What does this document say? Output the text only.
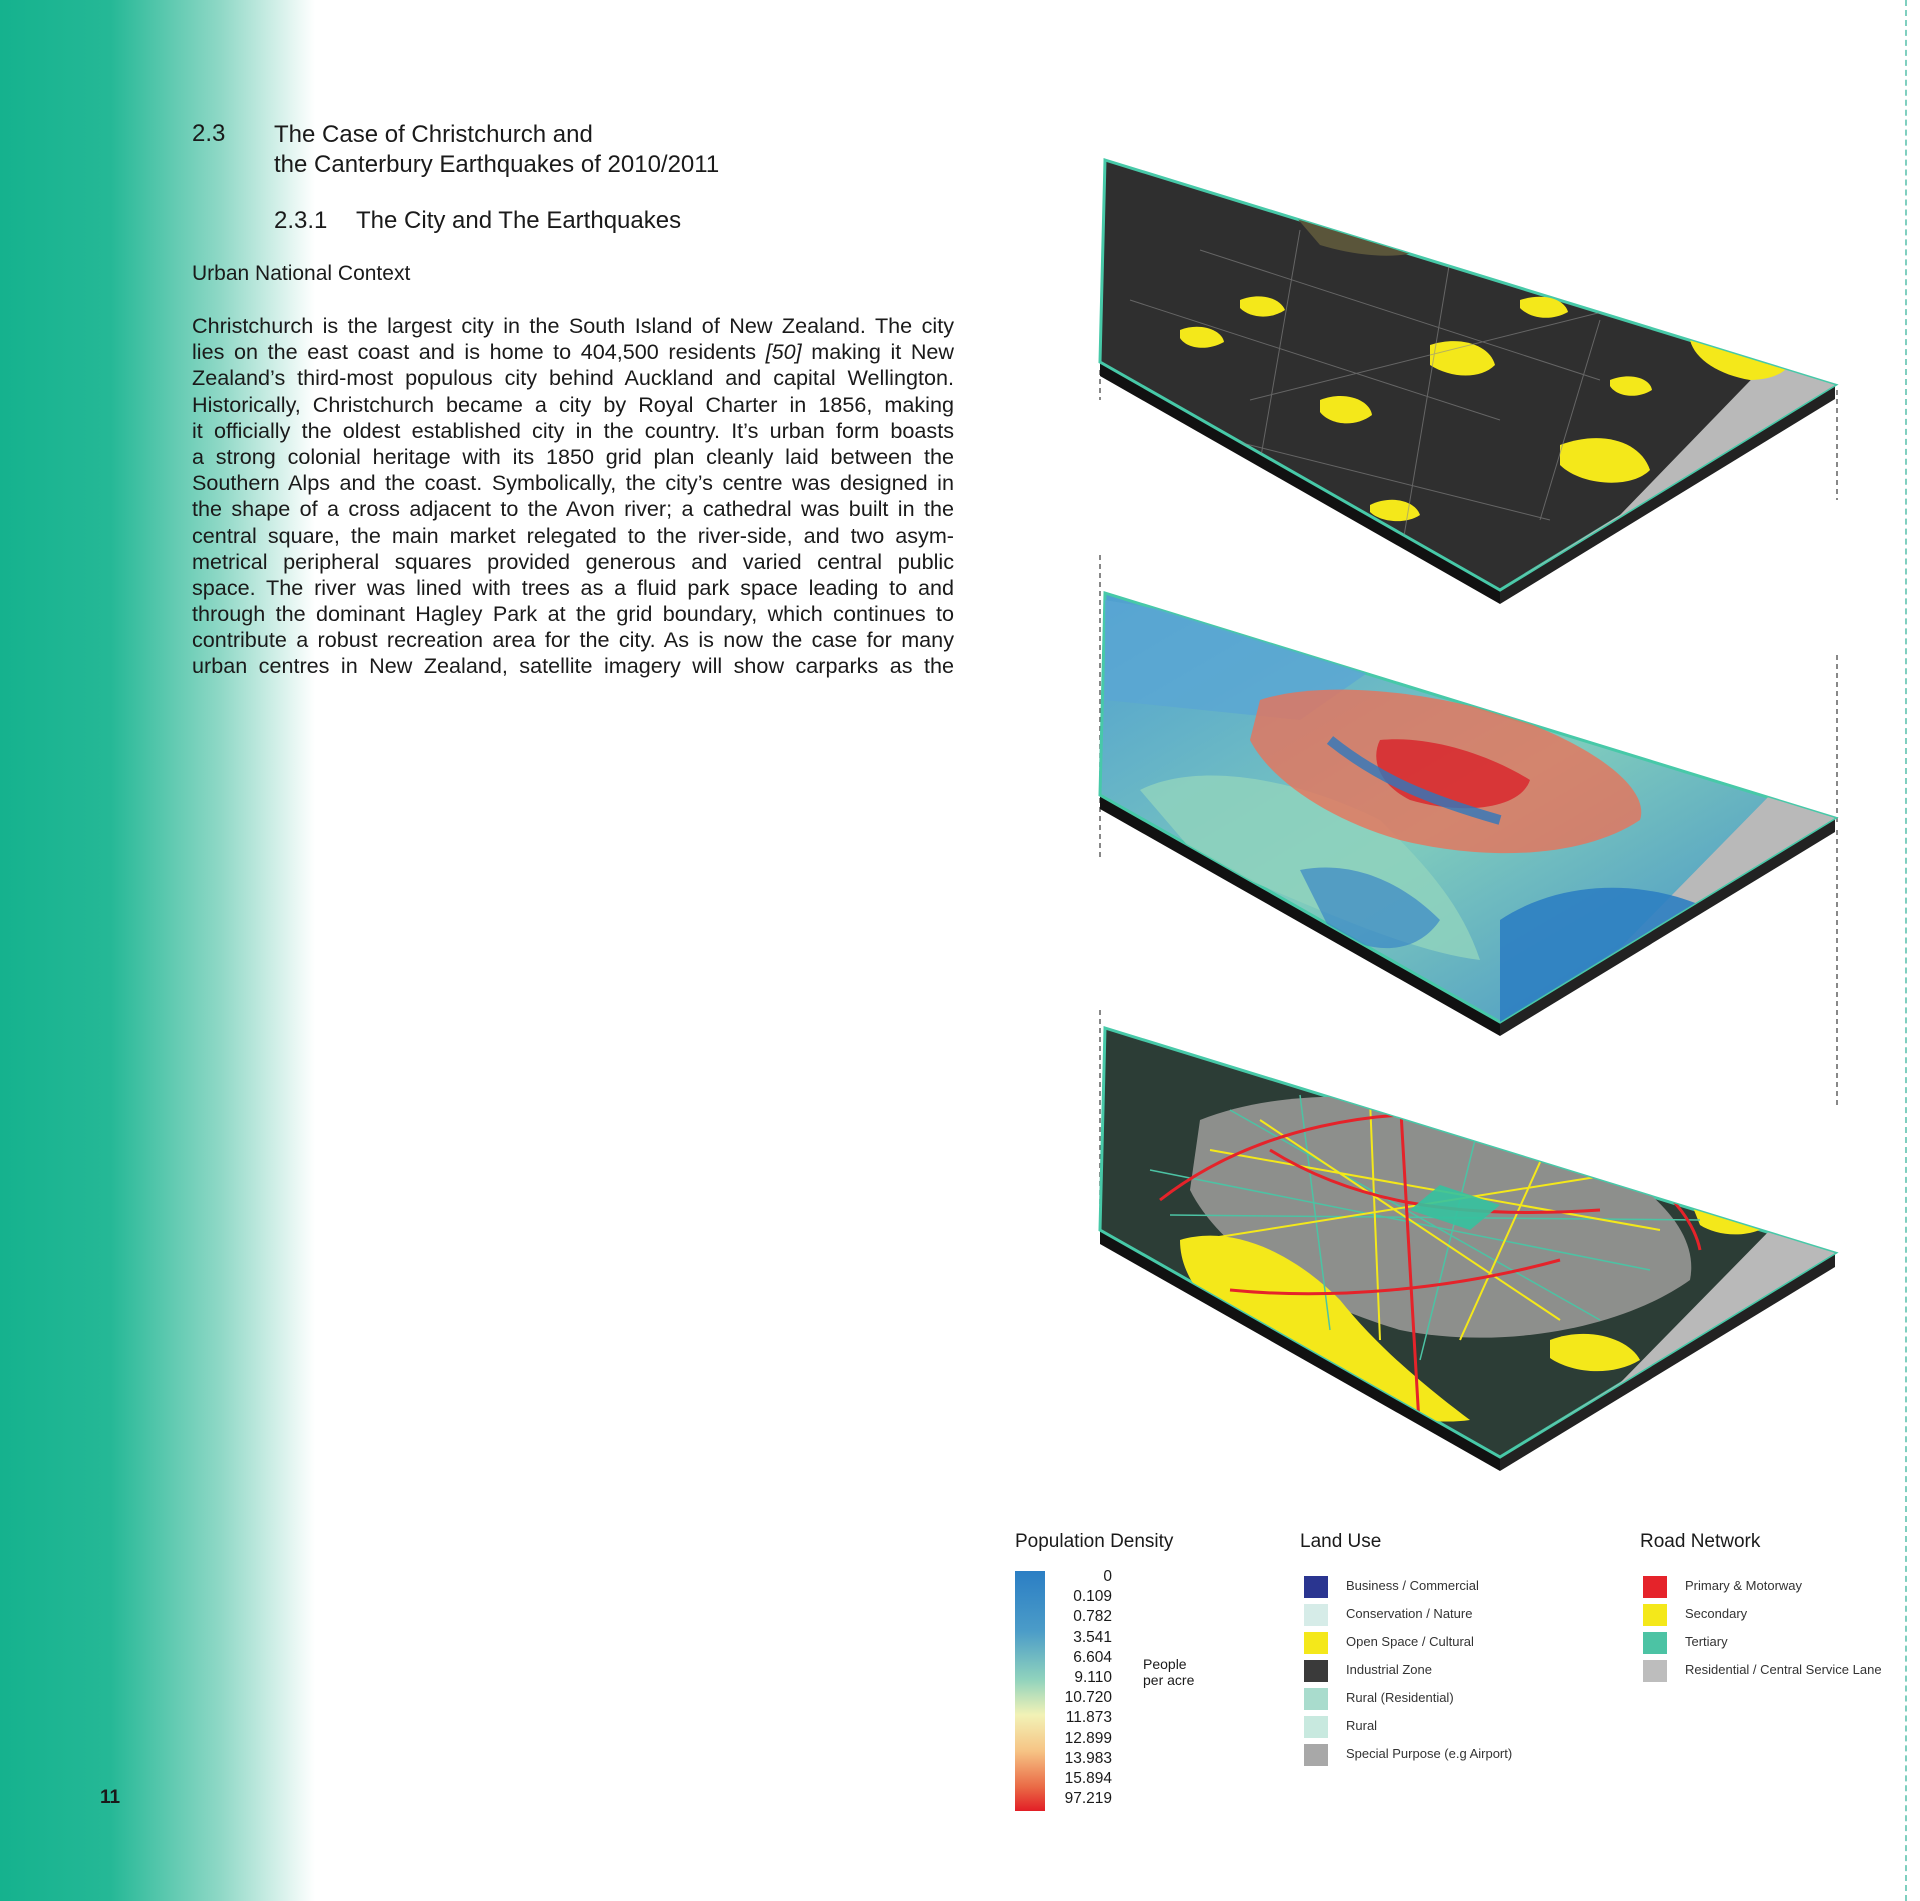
2.3 The Case of Christchurch and
the Canterbury Earthquakes of 2010/2011
2.3.1 The City and The Earthquakes
Urban National Context
Christchurch is the largest city in the South Island of New Zealand. The city
lies on the east coast and is home to 404,500 residents [50] making it New
Zealand’s third-most populous city behind Auckland and capital Wellington.
Historically, Christchurch became a city by Royal Charter in 1856, making
it officially the oldest established city in the country. It’s urban form boasts
a strong colonial heritage with its 1850 grid plan cleanly laid between the
Southern Alps and the coast. Symbolically, the city’s centre was designed in
the shape of a cross adjacent to the Avon river; a cathedral was built in the
central square, the main market relegated to the river-side, and two asym-
metrical peripheral squares provided generous and varied central public
space. The river was lined with trees as a fluid park space leading to and
through the dominant Hagley Park at the grid boundary, which continues to
contribute a robust recreation area for the city. As is now the case for many
urban centres in New Zealand, satellite imagery will show carparks as the
Population Density
0
0.109
0.782
3.541
6.604
9.110
10.720
11.873
12.899
13.983
15.894
97.219
People
per acre
Land Use
Business / Commercial
Conservation / Nature
Open Space / Cultural
Industrial Zone
Rural (Residential)
Rural
Special Purpose (e.g Airport)
Road Network
Primary & Motorway
Secondary
Tertiary
Residential / Central Service Lane
11
